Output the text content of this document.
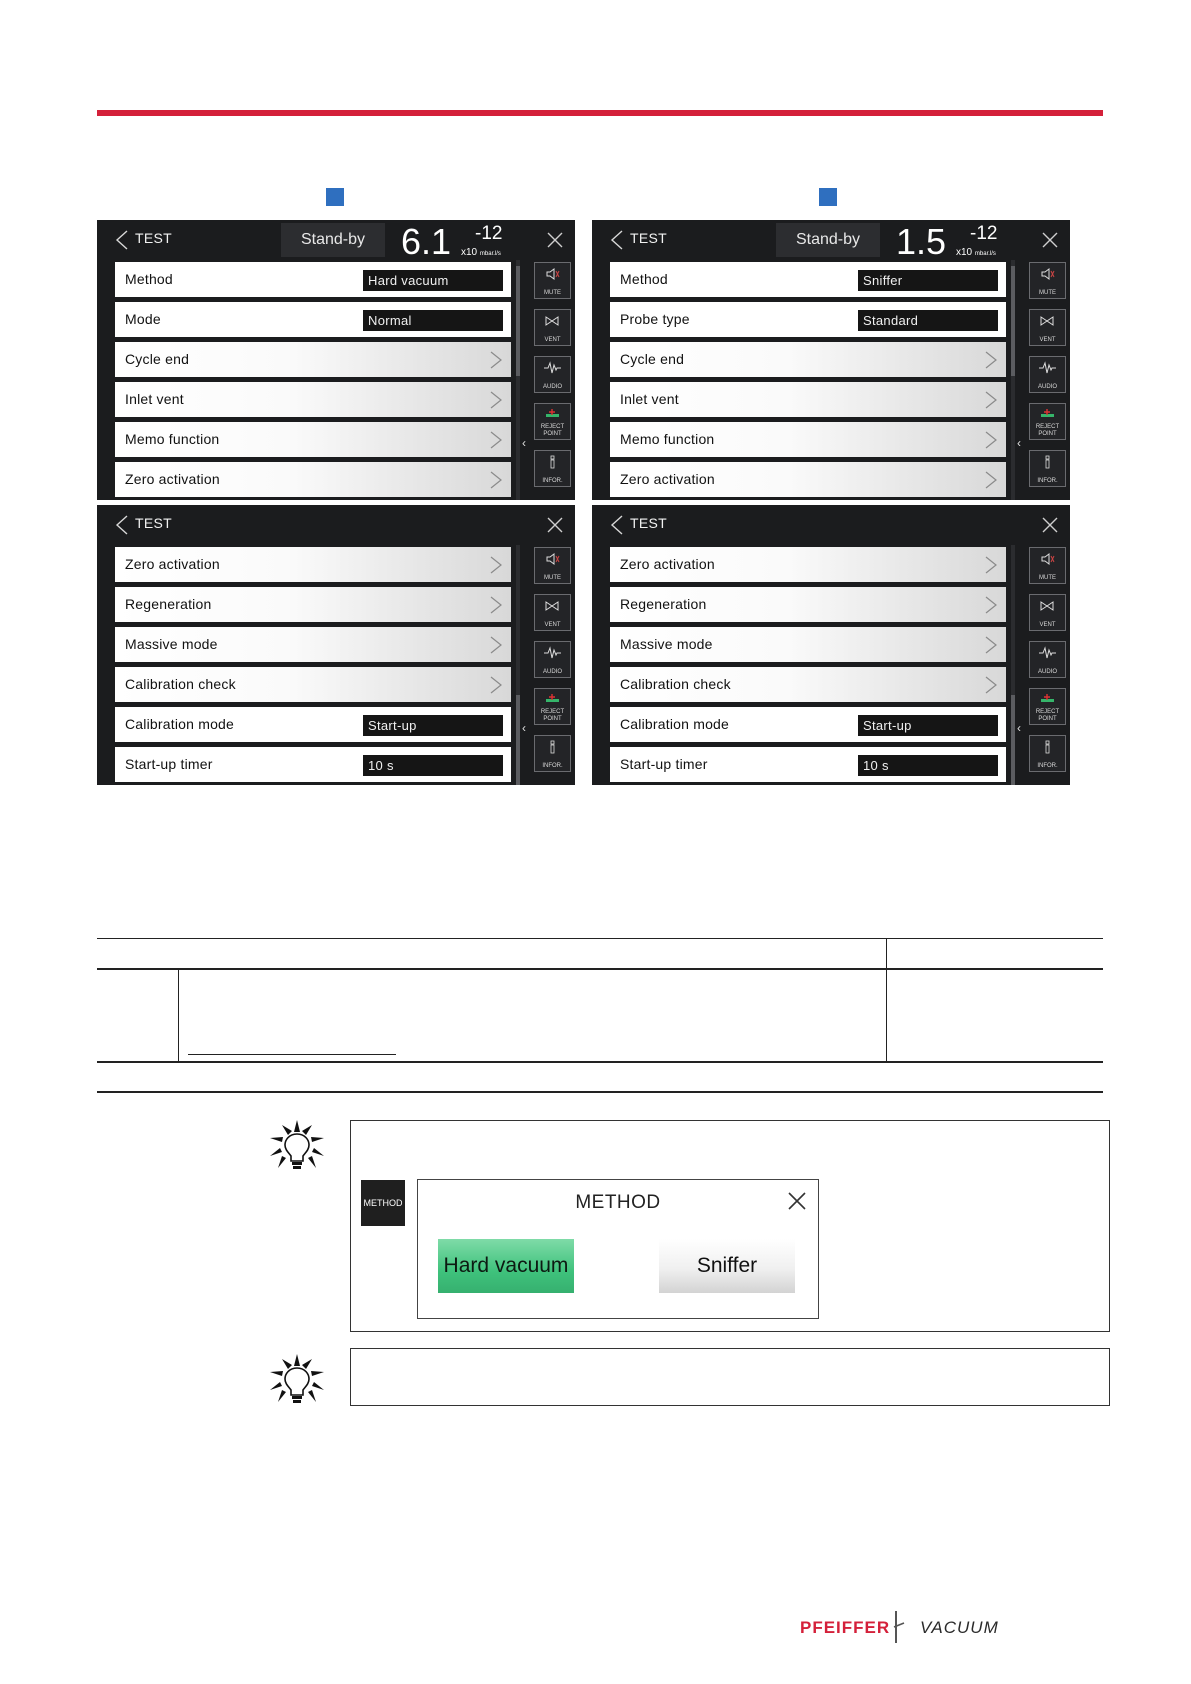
TEST	Stand-by 6.1 -12
x10 mbar.l/s
Method	Hard vacuum
Mode	Normal
Cycle end
Inlet vent
Memo function
Zero activation
‹
MUTE
VENT
AUDIO
REJECT POINT
INFOR.
TEST	Stand-by 1.5 -12
x10 mbar.l/s
Method	Sniffer
Probe type	Standard
Cycle end
Inlet vent
Memo function
Zero activation
‹
MUTE
VENT
AUDIO
REJECT POINT
INFOR.
TEST
Zero activation
Regeneration
Massive mode
Calibration check
Calibration mode	Start-up
Start-up timer	10 s
‹
MUTE
VENT
AUDIO
REJECT POINT
INFOR.
TEST
Zero activation
Regeneration
Massive mode
Calibration check
Calibration mode	Start-up
Start-up timer	10 s
‹
MUTE
VENT
AUDIO
REJECT POINT
INFOR.
METHOD	METHOD
Hard vacuum	Sniffer
PFEIFFER VACUUM
